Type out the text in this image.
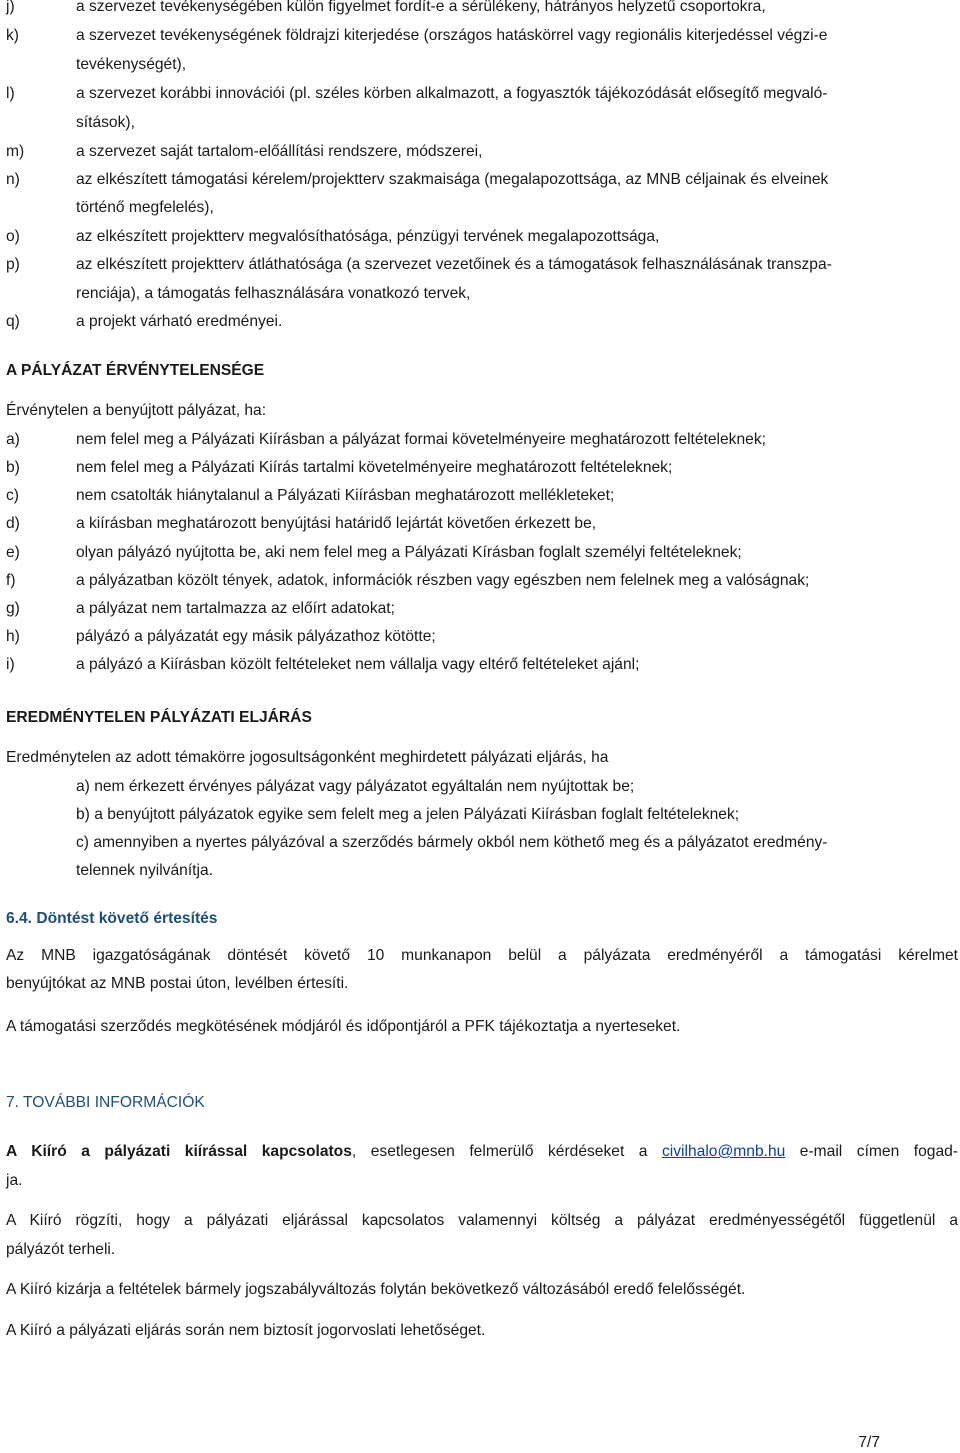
j)	a szervezet tevékenységében külön figyelmet fordít-e a sérülékeny, hátrányos helyzetű csoportokra,
k)	a szervezet tevékenységének földrajzi kiterjedése (országos hatáskörrel vagy regionális kiterjedéssel végzi-e
tevékenységét),
l)	a szervezet korábbi innovációi (pl. széles körben alkalmazott, a fogyasztók tájékozódását elősegítő megvaló-
sítások),
m)	a szervezet saját tartalom-előállítási rendszere, módszerei,
n)	az elkészített támogatási kérelem/projektterv szakmaisága (megalapozottsága, az MNB céljainak és elveinek
történő megfelelés),
o)	az elkészített projektterv megvalósíthatósága, pénzügyi tervének megalapozottsága,
p)	az elkészített projektterv átláthatósága (a szervezet vezetőinek és a támogatások felhasználásának transzpa-
renciája), a támogatás felhasználására vonatkozó tervek,
q)	a projekt várható eredményei.
A PÁLYÁZAT ÉRVÉNYTELENSÉGE
Érvénytelen a benyújtott pályázat, ha:
a)	nem felel meg a Pályázati Kiírásban a pályázat formai követelményeire meghatározott feltételeknek;
b)	nem felel meg a Pályázati Kiírás tartalmi követelményeire meghatározott feltételeknek;
c)	nem csatolták hiánytalanul a Pályázati Kiírásban meghatározott mellékleteket;
d)	a kiírásban meghatározott benyújtási határidő lejártát követően érkezett be,
e)	olyan pályázó nyújtotta be, aki nem felel meg a Pályázati Kírásban foglalt személyi feltételeknek;
f)	a pályázatban közölt tények, adatok, információk részben vagy egészben nem felelnek meg a valóságnak;
g)	a pályázat nem tartalmazza az előírt adatokat;
h)	pályázó a pályázatát egy másik pályázathoz kötötte;
i)	a pályázó a Kiírásban közölt feltételeket nem vállalja vagy eltérő feltételeket ajánl;
EREDMÉNYTELEN PÁLYÁZATI ELJÁRÁS
Eredménytelen az adott témakörre jogosultságonként meghirdetett pályázati eljárás, ha
a) nem érkezett érvényes pályázat vagy pályázatot egyáltalán nem nyújtottak be;
b) a benyújtott pályázatok egyike sem felelt meg a jelen Pályázati Kiírásban foglalt feltételeknek;
c) amennyiben a nyertes pályázóval a szerződés bármely okból nem köthető meg és a pályázatot eredmény-
telennek nyilvánítja.
6.4. Döntést követő értesítés
Az MNB igazgatóságának döntését követő 10 munkanapon belül a pályázata eredményéről a támogatási kérelmet
benyújtókat az MNB postai úton, levélben értesíti.
A támogatási szerződés megkötésének módjáról és időpontjáról a PFK tájékoztatja a nyerteseket.
7. TOVÁBBI INFORMÁCIÓK
A Kiíró a pályázati kiírással kapcsolatos, esetlegesen felmerülő kérdéseket a civilhalo@mnb.hu e-mail címen fogad-
ja.
A Kiíró rögzíti, hogy a pályázati eljárással kapcsolatos valamennyi költség a pályázat eredményességétől függetlenül a
pályázót terheli.
A Kiíró kizárja a feltételek bármely jogszabályváltozás folytán bekövetkező változásából eredő felelősségét.
A Kiíró a pályázati eljárás során nem biztosít jogorvoslati lehetőséget.
7/7
